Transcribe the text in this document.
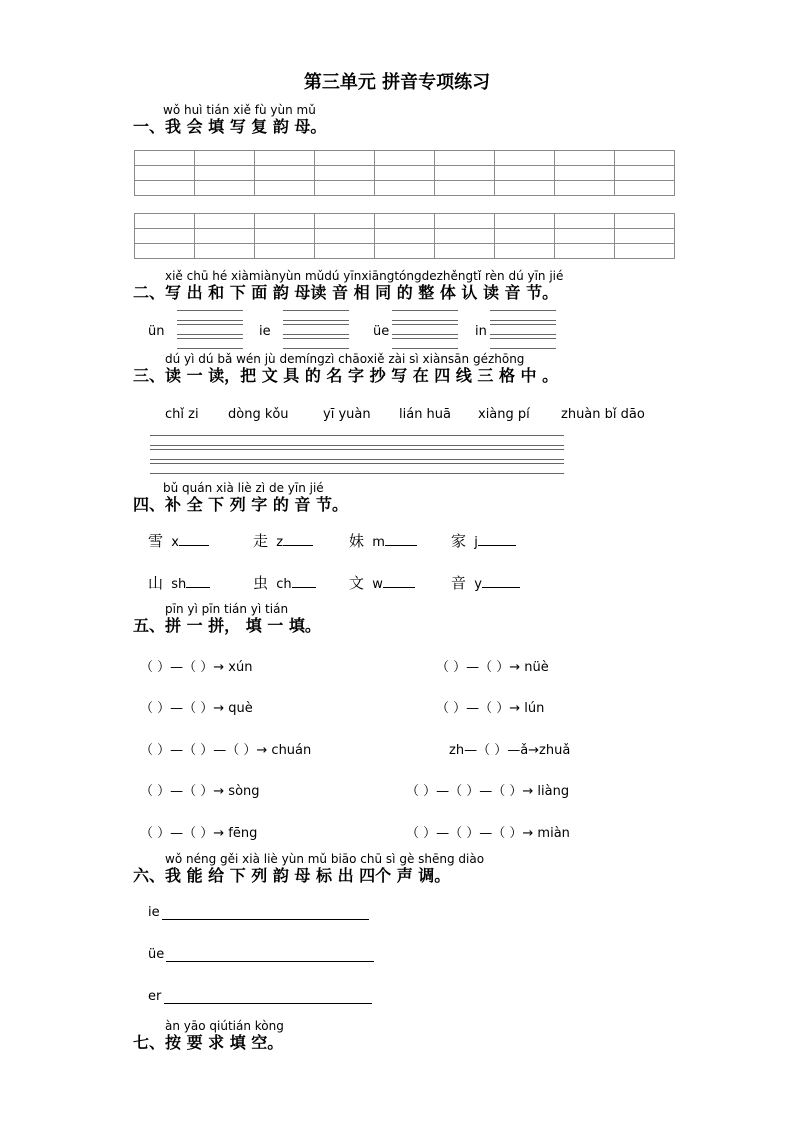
第三单元 拼音专项练习
wǒ huì tián xiě fù yùn mǔ
一、我 会 填 写 复 韵 母。

xiě chū hé xiàmiànyùn mǔdú yīnxiāngtóngdezhěngtǐ rèn dú yīn jié
二、写 出 和 下 面 韵 母读 音 相 同 的 整 体 认 读 音 节。
ün	ie	üe	in
dú yì dú bǎ wén jù demíngzì chāoxiě zài sì xiànsān gézhōng
三、读 一 读，把 文 具 的 名 字 抄 写 在 四 线 三 格 中 。
chǐ zi dòng kǒu	yī yuàn lián huā xiàng pí zhuàn bǐ dāo
bǔ quán xià liè zì de yīn jié
四、补 全 下 列 字 的 音 节。
雪 x	走 z	妹 m	家 j
山 sh	虫 ch	文 w	音 y
pīn yì pīn tián yì tián
五、拼 一 拼， 填 一 填。
（ ）—（ ）→ xún	（ ）—（ ）→ nüè
（ ）—（ ）→ què	（ ）—（ ）→ lún
（ ）—（ ）—（ ）→ chuán	zh—（ ）—ǎ→zhuǎ
（ ）—（ ）→ sòng	（ ）—（ ）—（ ）→ liàng
（ ）—（ ）→ fēng	（ ）—（ ）—（ ）→ miàn
wǒ néng gěi xià liè yùn mǔ biāo chū sì gè shēng diào
六、我 能 给 下 列 韵 母 标 出 四个 声 调。
ie
üe
er
àn yāo qiútián kòng
七、按 要 求 填 空。
